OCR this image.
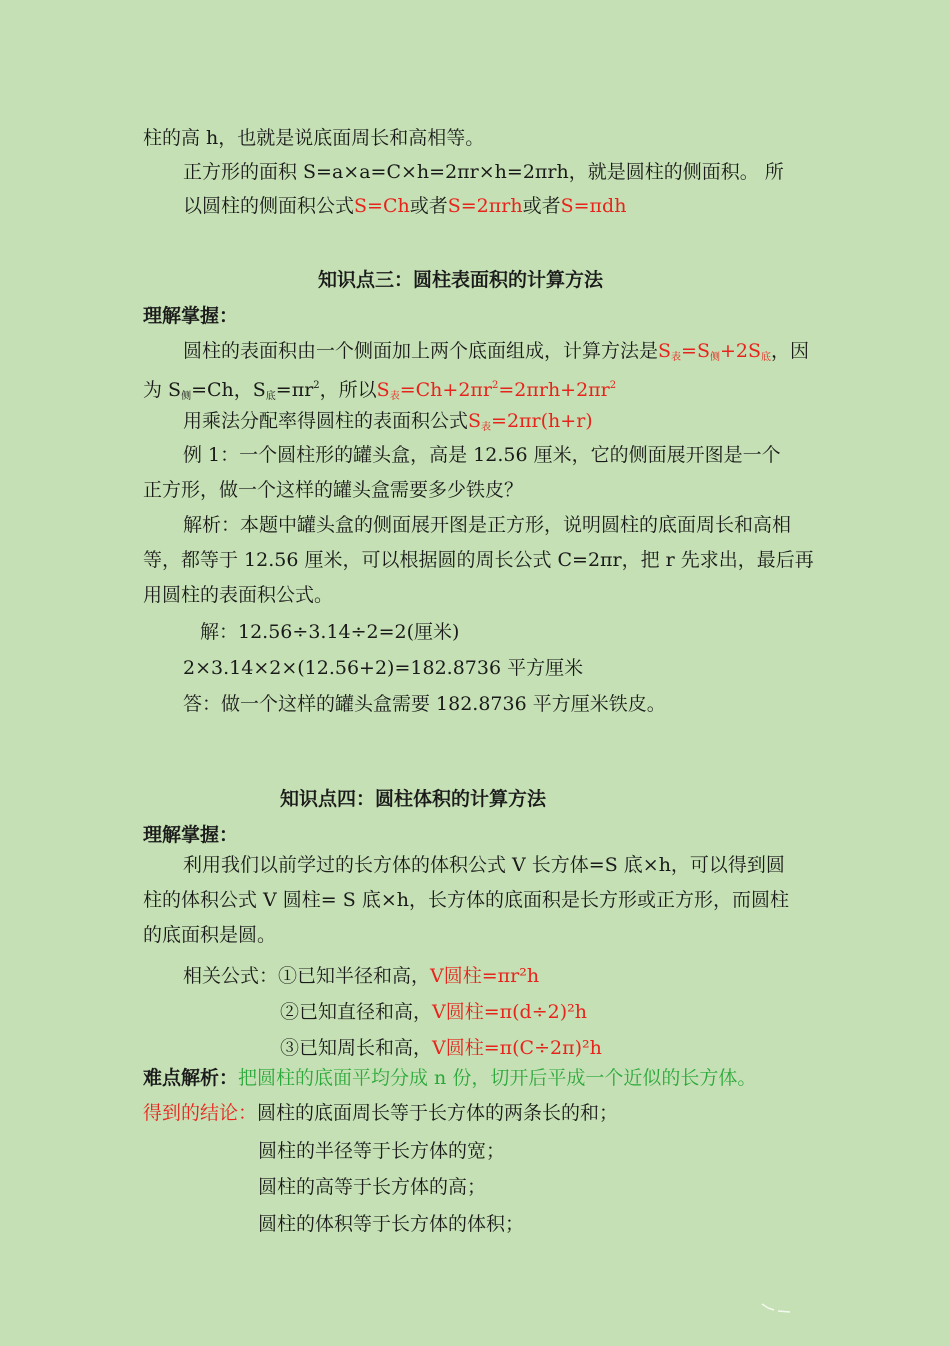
柱的高 h，也就是说底面周长和高相等。
正方形的面积 S=a×a=C×h=2πr×h=2πrh，就是圆柱的侧面积。 所
以圆柱的侧面积公式S=Ch或者S=2πrh或者S=πdh
知识点三：圆柱表面积的计算方法
理解掌握：
圆柱的表面积由一个侧面加上两个底面组成，计算方法是$S_表=S_侧+2S_底$，因
为 $S_侧=Ch$，$S_底=\pi r^2$，所以$S_表=Ch+2\pi r^2=2\pi rh+2\pi r^2$
用乘法分配率得圆柱的表面积公式$S_表=2\pi r(h+r)$
例 1：一个圆柱形的罐头盒，高是 12.56 厘米，它的侧面展开图是一个
正方形，做一个这样的罐头盒需要多少铁皮？
解析：本题中罐头盒的侧面展开图是正方形，说明圆柱的底面周长和高相
等，都等于 12.56 厘米，可以根据圆的周长公式 C=2πr，把 r 先求出，最后再
用圆柱的表面积公式。
解：12.56÷3.14÷2=2(厘米)
2×3.14×2×(12.56+2)=182.8736 平方厘米
答：做一个这样的罐头盒需要 182.8736 平方厘米铁皮。
知识点四：圆柱体积的计算方法
理解掌握：
利用我们以前学过的长方体的体积公式 V 长方体=S 底×h，可以得到圆
柱的体积公式 V 圆柱= S 底×h，长方体的底面积是长方形或正方形，而圆柱
的底面积是圆。
相关公式：①已知半径和高，V圆柱=πr²h
②已知直径和高，V圆柱=π(d÷2)²h
③已知周长和高，V圆柱=π(C÷2π)²h
难点解析：把圆柱的底面平均分成 n 份，切开后平成一个近似的长方体。
得到的结论：圆柱的底面周长等于长方体的两条长的和；
圆柱的半径等于长方体的宽；
圆柱的高等于长方体的高；
圆柱的体积等于长方体的体积；
